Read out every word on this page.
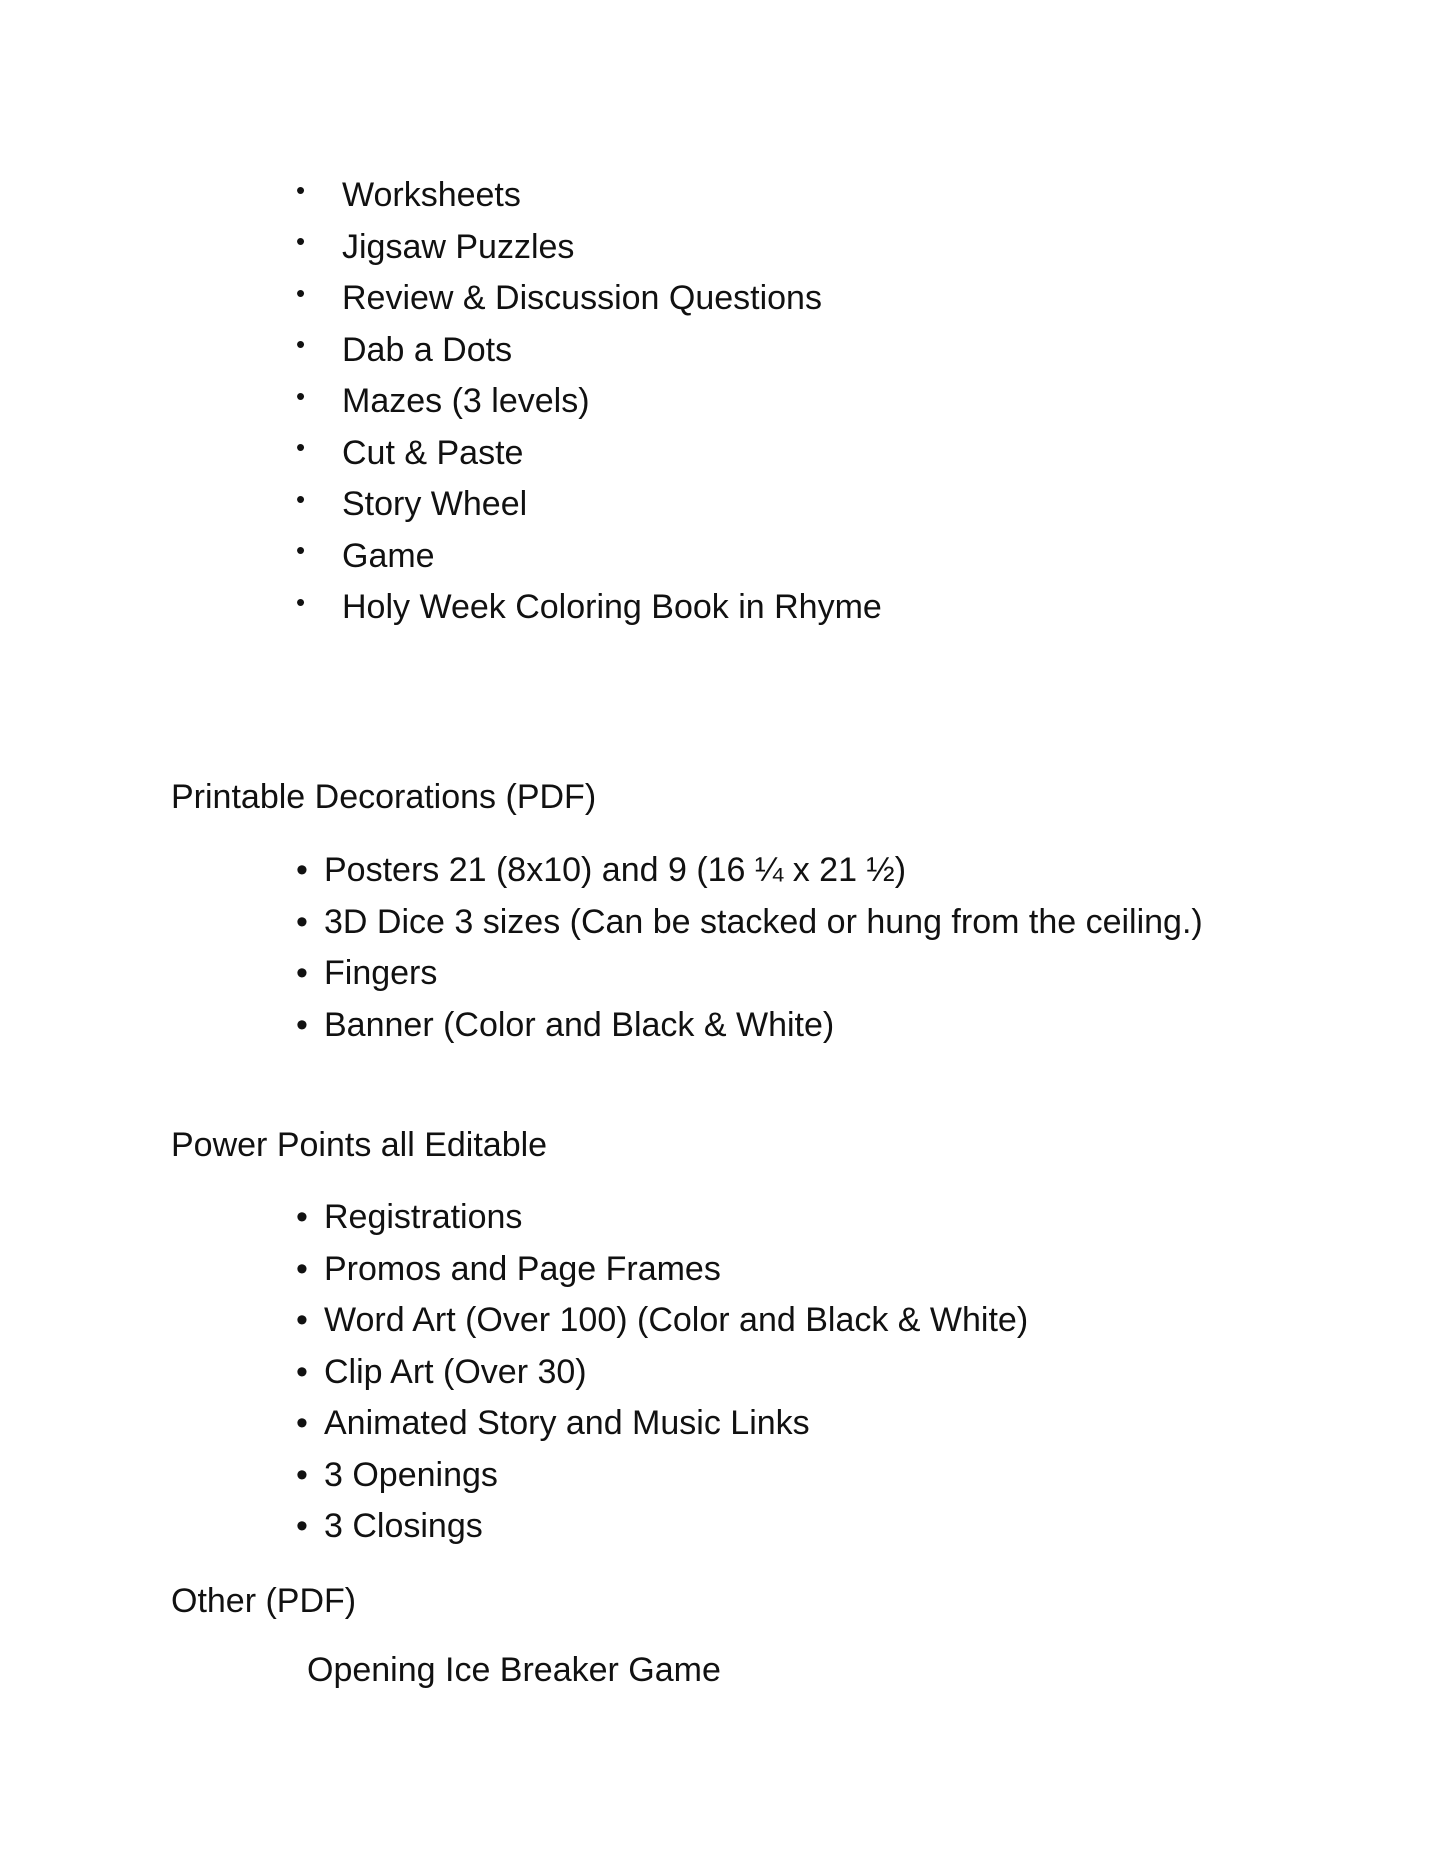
•	Worksheets
•	Jigsaw Puzzles
•	Review & Discussion Questions
•	Dab a Dots
•	Mazes (3 levels)
•	Cut & Paste
•	Story Wheel
•	Game
•	Holy Week Coloring Book in Rhyme
Printable Decorations (PDF)
• Posters 21 (8x10) and 9 (16 ¼ x 21 ½)
• 3D Dice 3 sizes (Can be stacked or hung from the ceiling.)
• Fingers
• Banner (Color and Black & White)
Power Points all Editable
• Registrations
• Promos and Page Frames
• Word Art (Over 100) (Color and Black & White)
• Clip Art (Over 30)
• Animated Story and Music Links
• 3 Openings
• 3 Closings
Other (PDF)
Opening Ice Breaker Game
